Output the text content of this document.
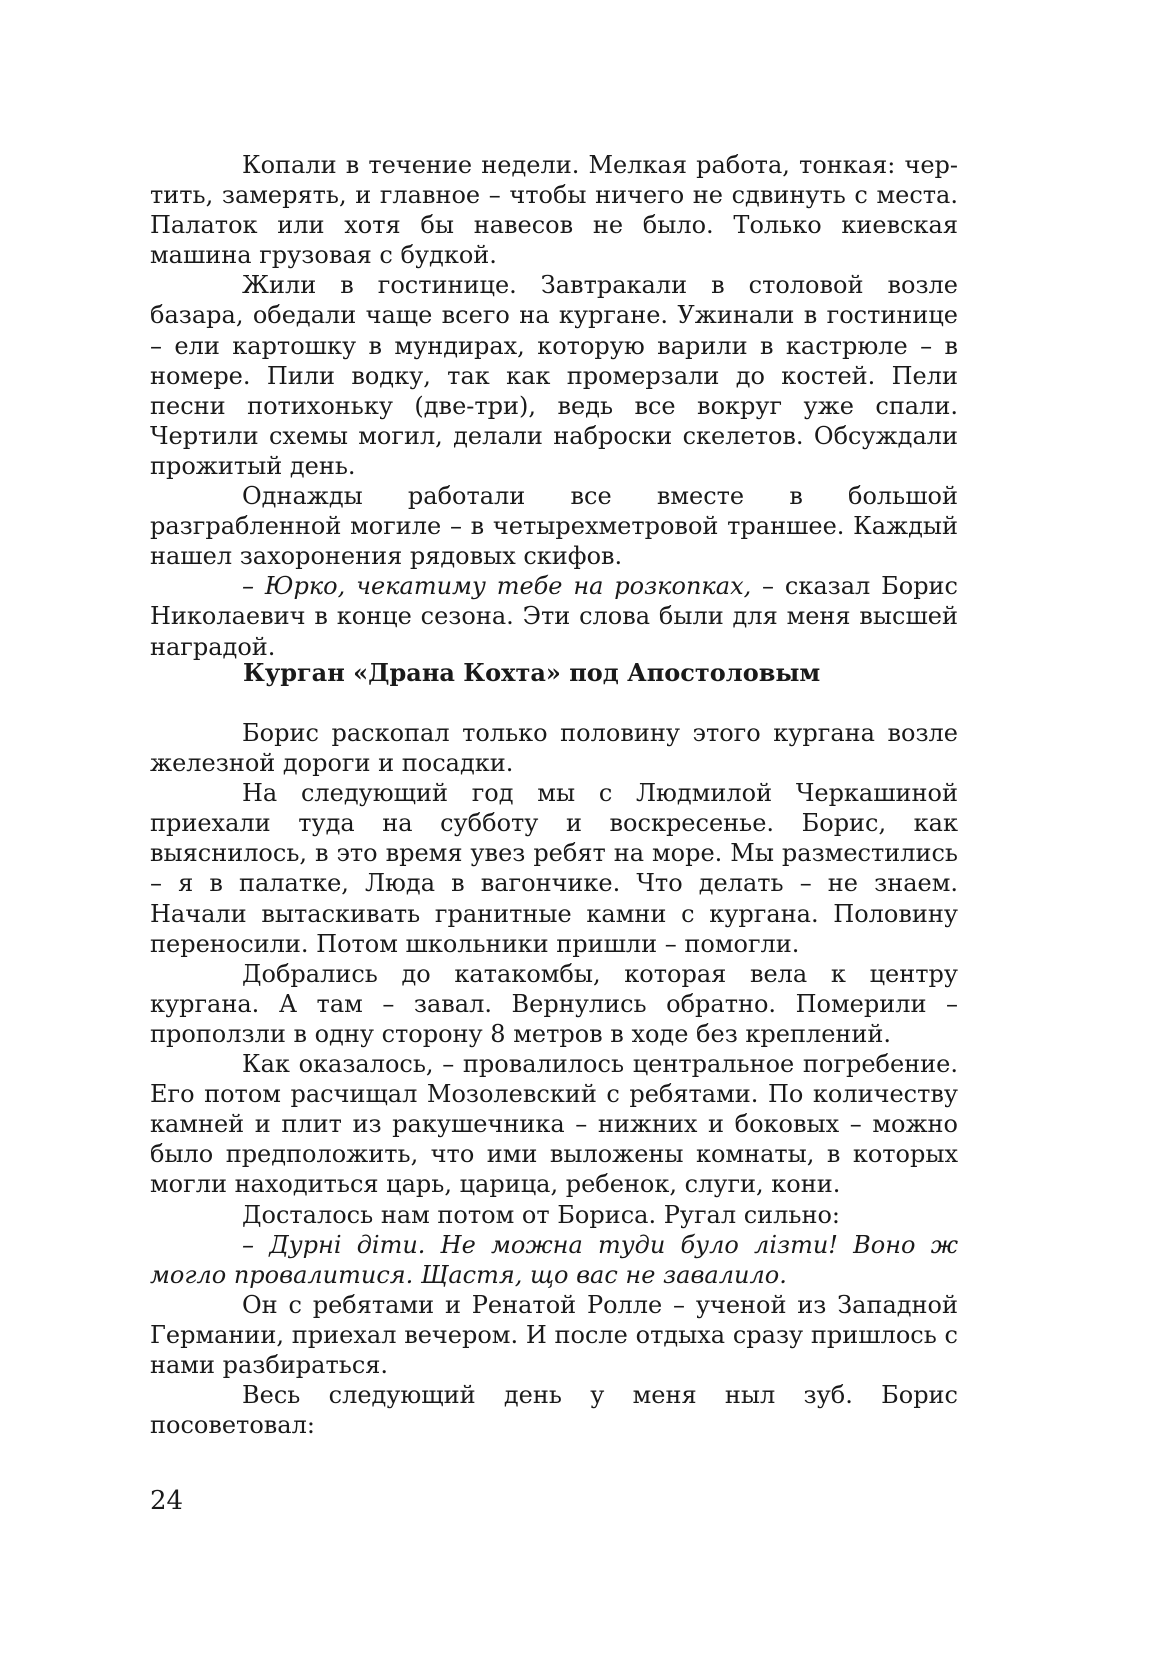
Копали в течение недели. Мелкая работа, тонкая: чертить, замерять, и главное – чтобы ничего не сдвинуть с места. Палаток или хотя бы навесов не было. Только киевская машина грузовая с будкой.

Жили в гостинице. Завтракали в столовой возле базара, обедали чаще всего на кургане. Ужинали в гостинице – ели картошку в мундирах, которую варили в кастрюле – в номере. Пили водку, так как промерзали до костей. Пели песни потихоньку (две-три), ведь все вокруг уже спали. Чертили схемы могил, делали наброски скелетов. Обсуждали прожитый день.

Однажды работали все вместе в большой разграбленной могиле – в четырехметровой траншее. Каждый нашел захоронения рядовых скифов.

– Юрко, чекатиму тебе на розкопках, – сказал Борис Николаевич в конце сезона. Эти слова были для меня высшей наградой.

Курган «Драна Кохта» под Апостоловым

Борис раскопал только половину этого кургана возле железной дороги и посадки.

На следующий год мы с Людмилой Черкашиной приехали туда на субботу и воскресенье. Борис, как выяснилось, в это время увез ребят на море. Мы разместились – я в палатке, Люда в вагончике. Что делать – не знаем. Начали вытаскивать гранитные камни с кургана. Половину переносили. Потом школьники пришли – помогли.

Добрались до катакомбы, которая вела к центру кургана. А там – завал. Вернулись обратно. Померили – проползли в одну сторону 8 метров в ходе без креплений.

Как оказалось, – провалилось центральное погребение. Его потом расчищал Мозолевский с ребятами. По количеству камней и плит из ракушечника – нижних и боковых – можно было предположить, что ими выложены комнаты, в которых могли находиться царь, царица, ребенок, слуги, кони.

Досталось нам потом от Бориса. Ругал сильно:

– Дурні діти. Не можна туди було лізти! Воно ж могло провалитися. Щастя, що вас не завалило.

Он с ребятами и Ренатой Ролле – ученой из Западной Германии, приехал вечером. И после отдыха сразу пришлось с нами разбираться.

Весь следующий день у меня ныл зуб. Борис посоветовал:

24
